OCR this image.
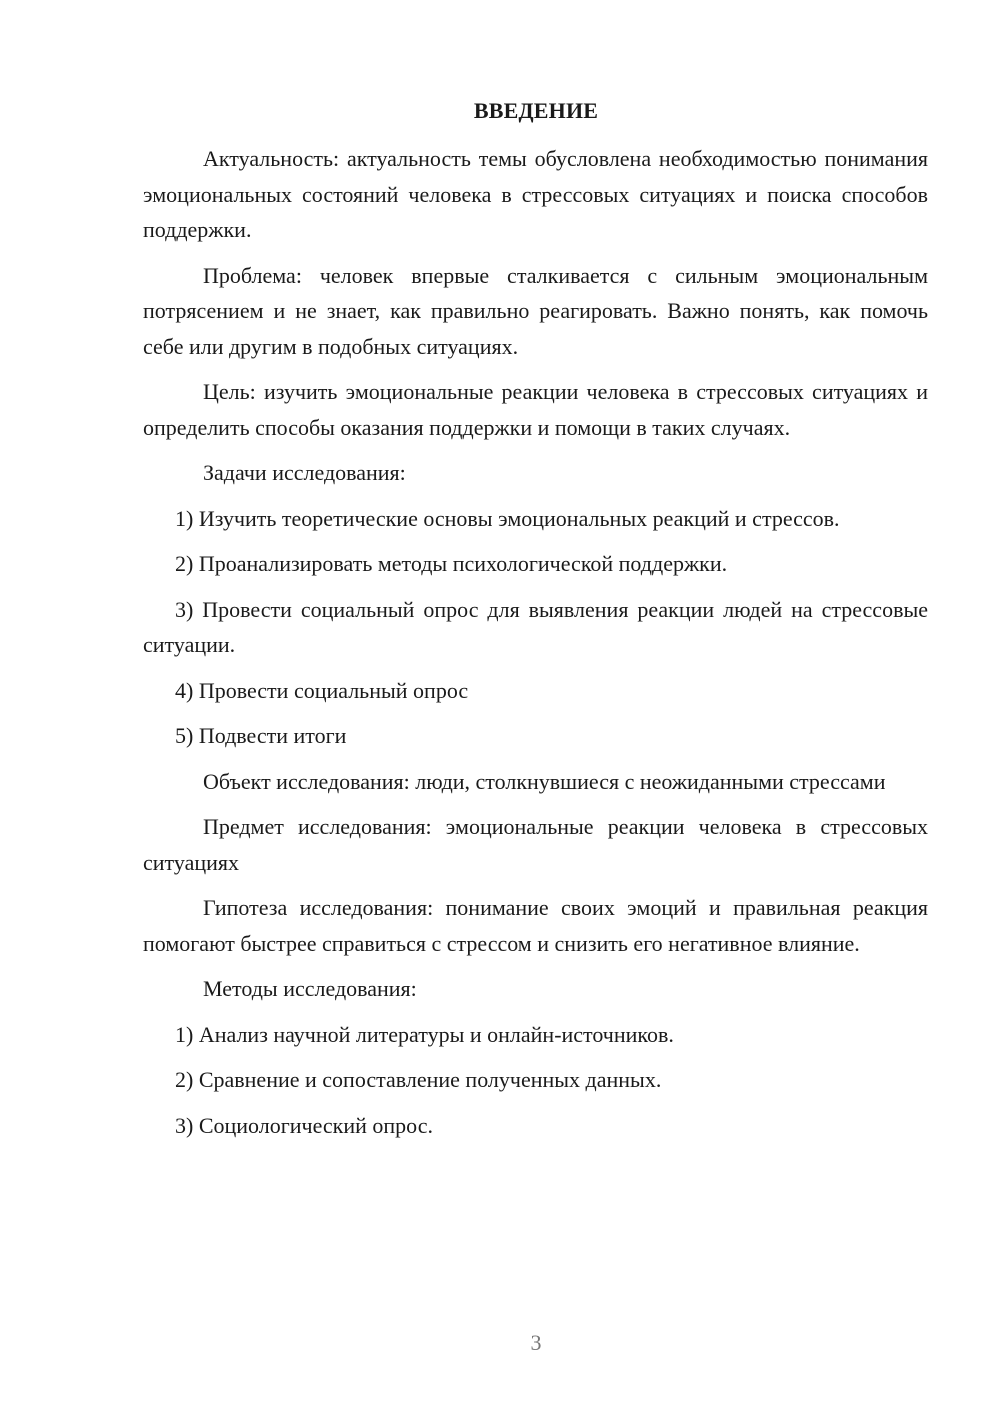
ВВЕДЕНИЕ

Актуальность: актуальность темы обусловлена необходимостью понимания эмоциональных состояний человека в стрессовых ситуациях и поиска способов поддержки.

Проблема: человек впервые сталкивается с сильным эмоциональным потрясением и не знает, как правильно реагировать. Важно понять, как помочь себе или другим в подобных ситуациях.

Цель: изучить эмоциональные реакции человека в стрессовых ситуациях и определить способы оказания поддержки и помощи в таких случаях.

Задачи исследования:

1) Изучить теоретические основы эмоциональных реакций и стрессов.

2) Проанализировать методы психологической поддержки.

3) Провести социальный опрос для выявления реакции людей на стрессовые ситуации.

4) Провести социальный опрос

5) Подвести итоги

Объект исследования: люди, столкнувшиеся с неожиданными стрессами

Предмет исследования: эмоциональные реакции человека в стрессовых ситуациях

Гипотеза исследования: понимание своих эмоций и правильная реакция помогают быстрее справиться с стрессом и снизить его негативное влияние.

Методы исследования:

1) Анализ научной литературы и онлайн-источников.

2) Сравнение и сопоставление полученных данных.

3) Социологический опрос.

3
